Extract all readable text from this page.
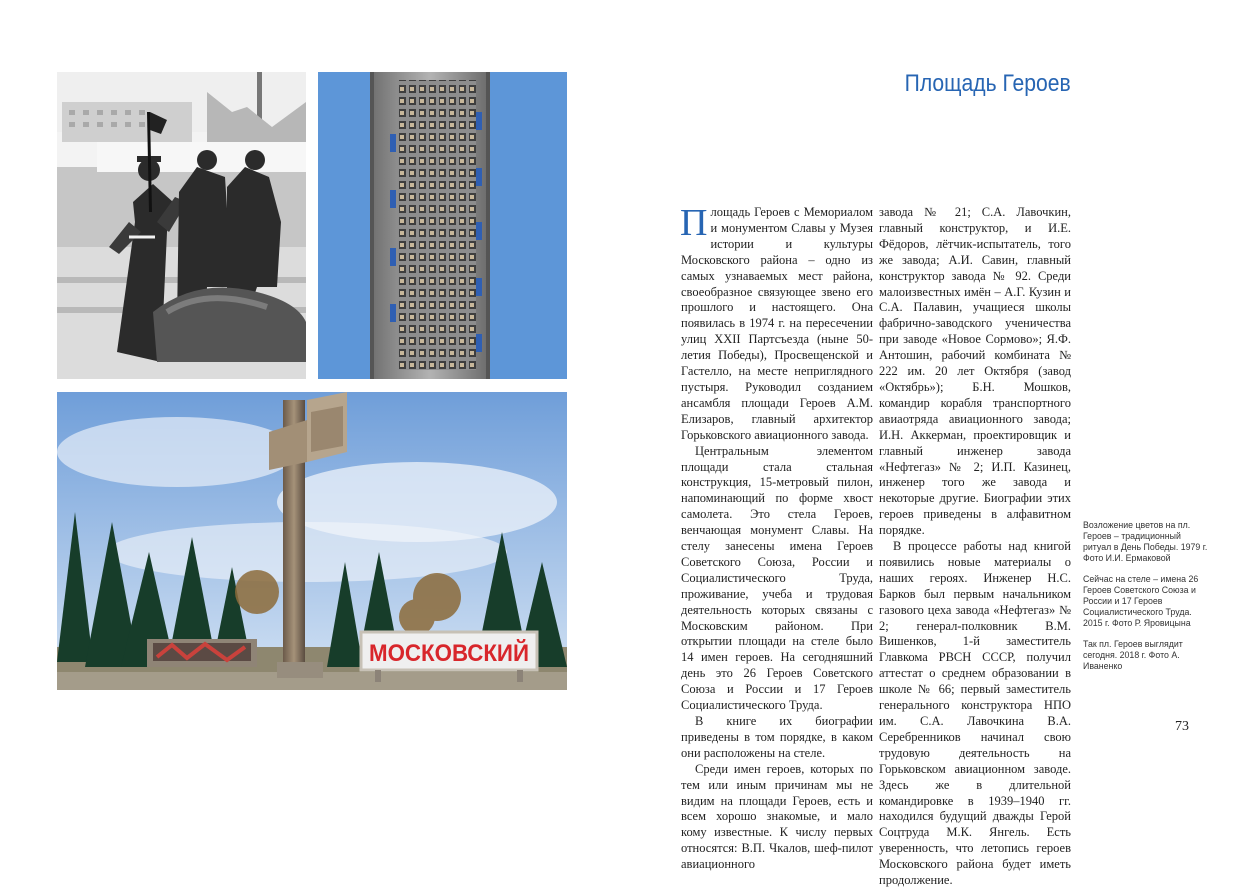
МОСКОВСКИЙ
Площадь Героев

Площадь Героев с Мемориалом и монументом Славы у Музея истории и культуры Московского района – одно из самых узнаваемых мест района, своеобразное связующее звено его прошлого и настоящего. Она появилась в 1974 г. на пересечении улиц XXII Партсъезда (ныне 50-летия Победы), Просвещенской и Гастелло, на месте неприглядного пустыря. Руководил созданием ансамбля площади Героев А.М. Елизаров, главный архитектор Горьковского авиационного завода.

Центральным элементом площади стала стальная конструкция, 15-метровый пилон, напоминающий по форме хвост самолета. Это стела Героев, венчающая монумент Славы. На стелу занесены имена Героев Советского Союза, России и Социалистического Труда, проживание, учеба и трудовая деятельность которых связаны с Московским районом. При открытии площади на стеле было 14 имен героев. На сегодняшний день это 26 Героев Советского Союза и России и 17 Героев Социалистического Труда.

В книге их биографии приведены в том порядке, в каком они расположены на стеле.

Среди имен героев, которых по тем или иным причинам мы не видим на площади Героев, есть и всем хорошо знакомые, и мало кому известные. К числу первых относятся: В.П. Чкалов, шеф-пилот авиационного

завода № 21; С.А. Лавочкин, главный конструктор, и И.Е. Фёдоров, лётчик-испытатель, того же завода; А.И. Савин, главный конструктор завода № 92. Среди малоизвестных имён – А.Г. Кузин и С.А. Палавин, учащиеся школы фабрично-заводского ученичества при заводе «Новое Сормово»; Я.Ф. Антошин, рабочий комбината № 222 им. 20 лет Октября (завод «Октябрь»); Б.Н. Мошков, командир корабля транспортного авиаотряда авиационного завода; И.Н. Аккерман, проектировщик и главный инженер завода «Нефтегаз» № 2; И.П. Казинец, инженер того же завода и некоторые другие. Биографии этих героев приведены в алфавитном порядке.

В процессе работы над книгой появились новые материалы о наших героях. Инженер Н.С. Барков был первым начальником газового цеха завода «Нефтегаз» № 2; генерал-полковник В.М. Вишенков, 1-й заместитель Главкома РВСН СССР, получил аттестат о среднем образовании в школе № 66; первый заместитель генерального конструктора НПО им. С.А. Лавочкина В.А. Серебренников начинал свою трудовую деятельность на Горьковском авиационном заводе. Здесь же в длительной командировке в 1939–1940 гг. находился будущий дважды Герой Соцтруда М.К. Янгель. Есть уверенность, что летопись героев Московского района будет иметь продолжение.

Возложение цветов на пл. Героев – традиционный ритуал в День Победы. 1979 г. Фото И.И. Ермаковой

Сейчас на стеле – имена 26 Героев Советского Союза и России и 17 Героев Социалистического Труда. 2015 г. Фото Р. Яровицына

Так пл. Героев выглядит сегодня. 2018 г. Фото А. Иваненко

73
